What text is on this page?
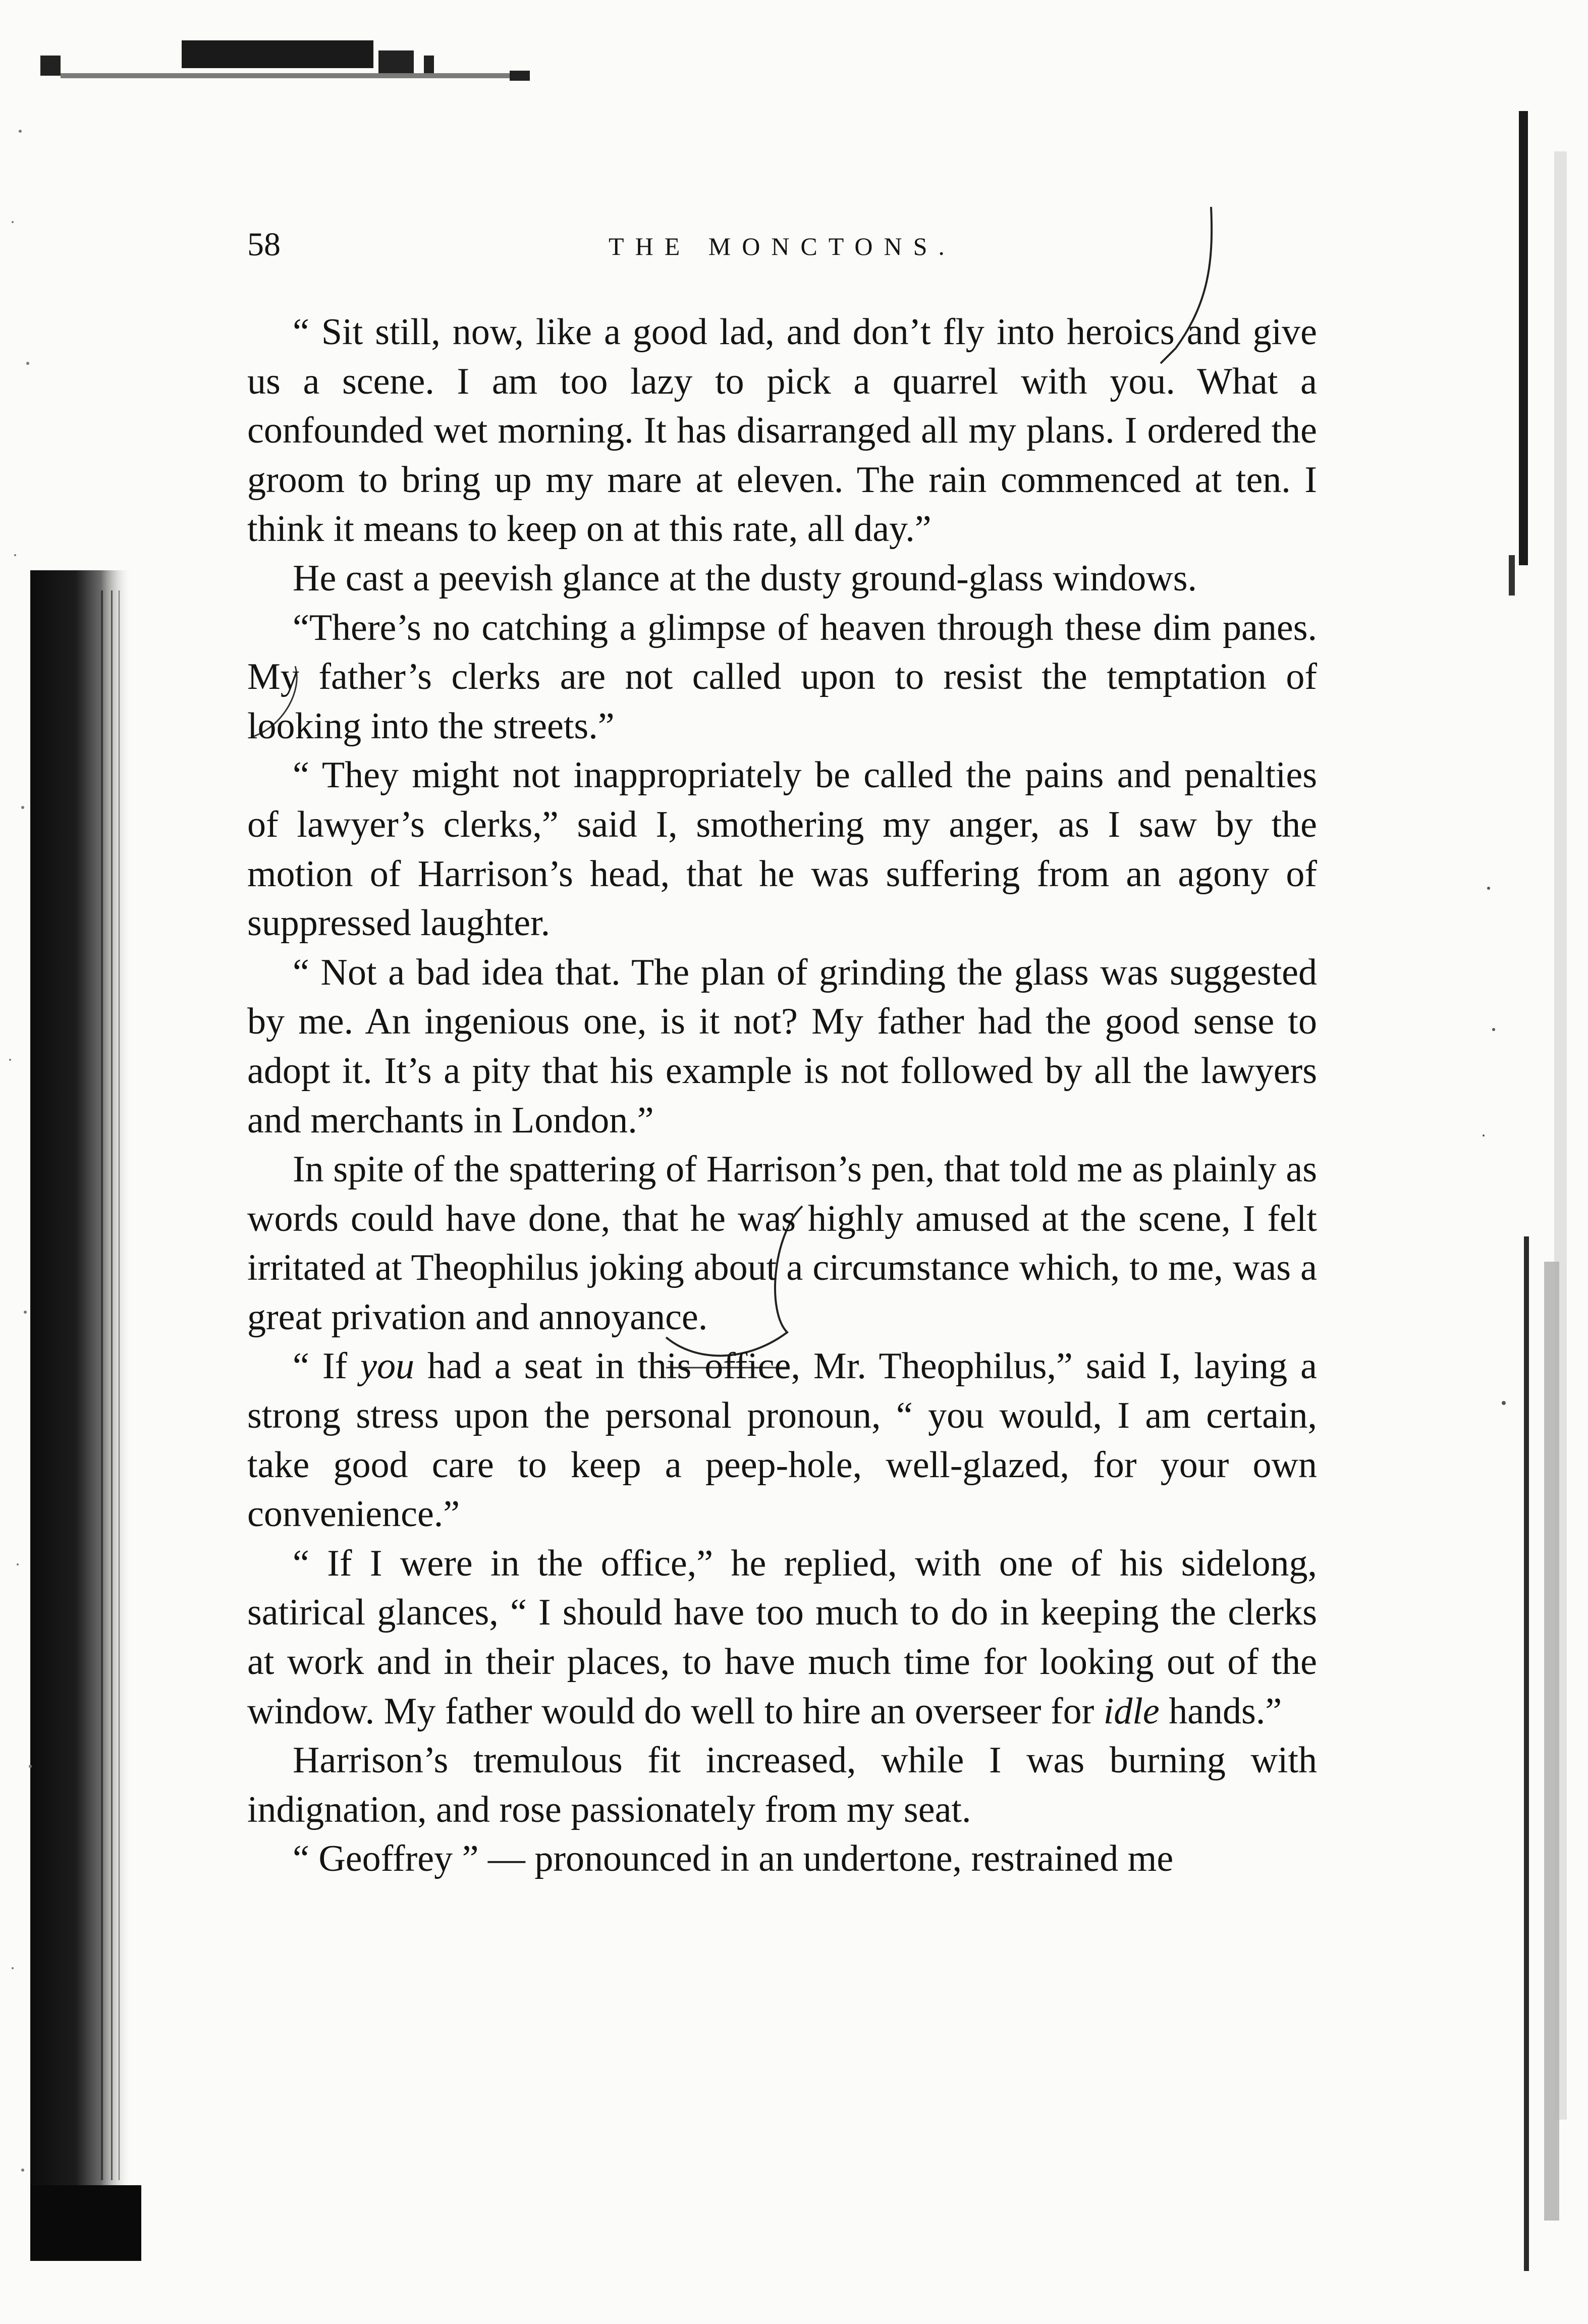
58	THE MONCTONS.

“ Sit still, now, like a good lad, and don’t fly into heroics and give us a scene. I am too lazy to pick a quarrel with you. What a confounded wet morning. It has disarranged all my plans. I ordered the groom to bring up my mare at eleven. The rain commenced at ten. I think it means to keep on at this rate, all day.”

He cast a peevish glance at the dusty ground-glass windows.

“There’s no catching a glimpse of heaven through these dim panes. My father’s clerks are not called upon to resist the temptation of looking into the streets.”

“ They might not inappropriately be called the pains and penalties of lawyer’s clerks,” said I, smothering my anger, as I saw by the motion of Harrison’s head, that he was suffering from an agony of suppressed laughter.

“ Not a bad idea that. The plan of grinding the glass was suggested by me. An ingenious one, is it not? My father had the good sense to adopt it. It’s a pity that his example is not followed by all the lawyers and merchants in London.”

In spite of the spattering of Harrison’s pen, that told me as plainly as words could have done, that he was highly amused at the scene, I felt irritated at Theophilus joking about a circumstance which, to me, was a great privation and annoyance.

“ If you had a seat in this office, Mr. Theophilus,” said I, laying a strong stress upon the personal pronoun, “ you would, I am certain, take good care to keep a peep-hole, well-glazed, for your own convenience.”

“ If I were in the office,” he replied, with one of his sidelong, satirical glances, “ I should have too much to do in keeping the clerks at work and in their places, to have much time for looking out of the window. My father would do well to hire an overseer for idle hands.”

Harrison’s tremulous fit increased, while I was burning with indignation, and rose passionately from my seat.

“ Geoffrey ” — pronounced in an undertone, restrained me
